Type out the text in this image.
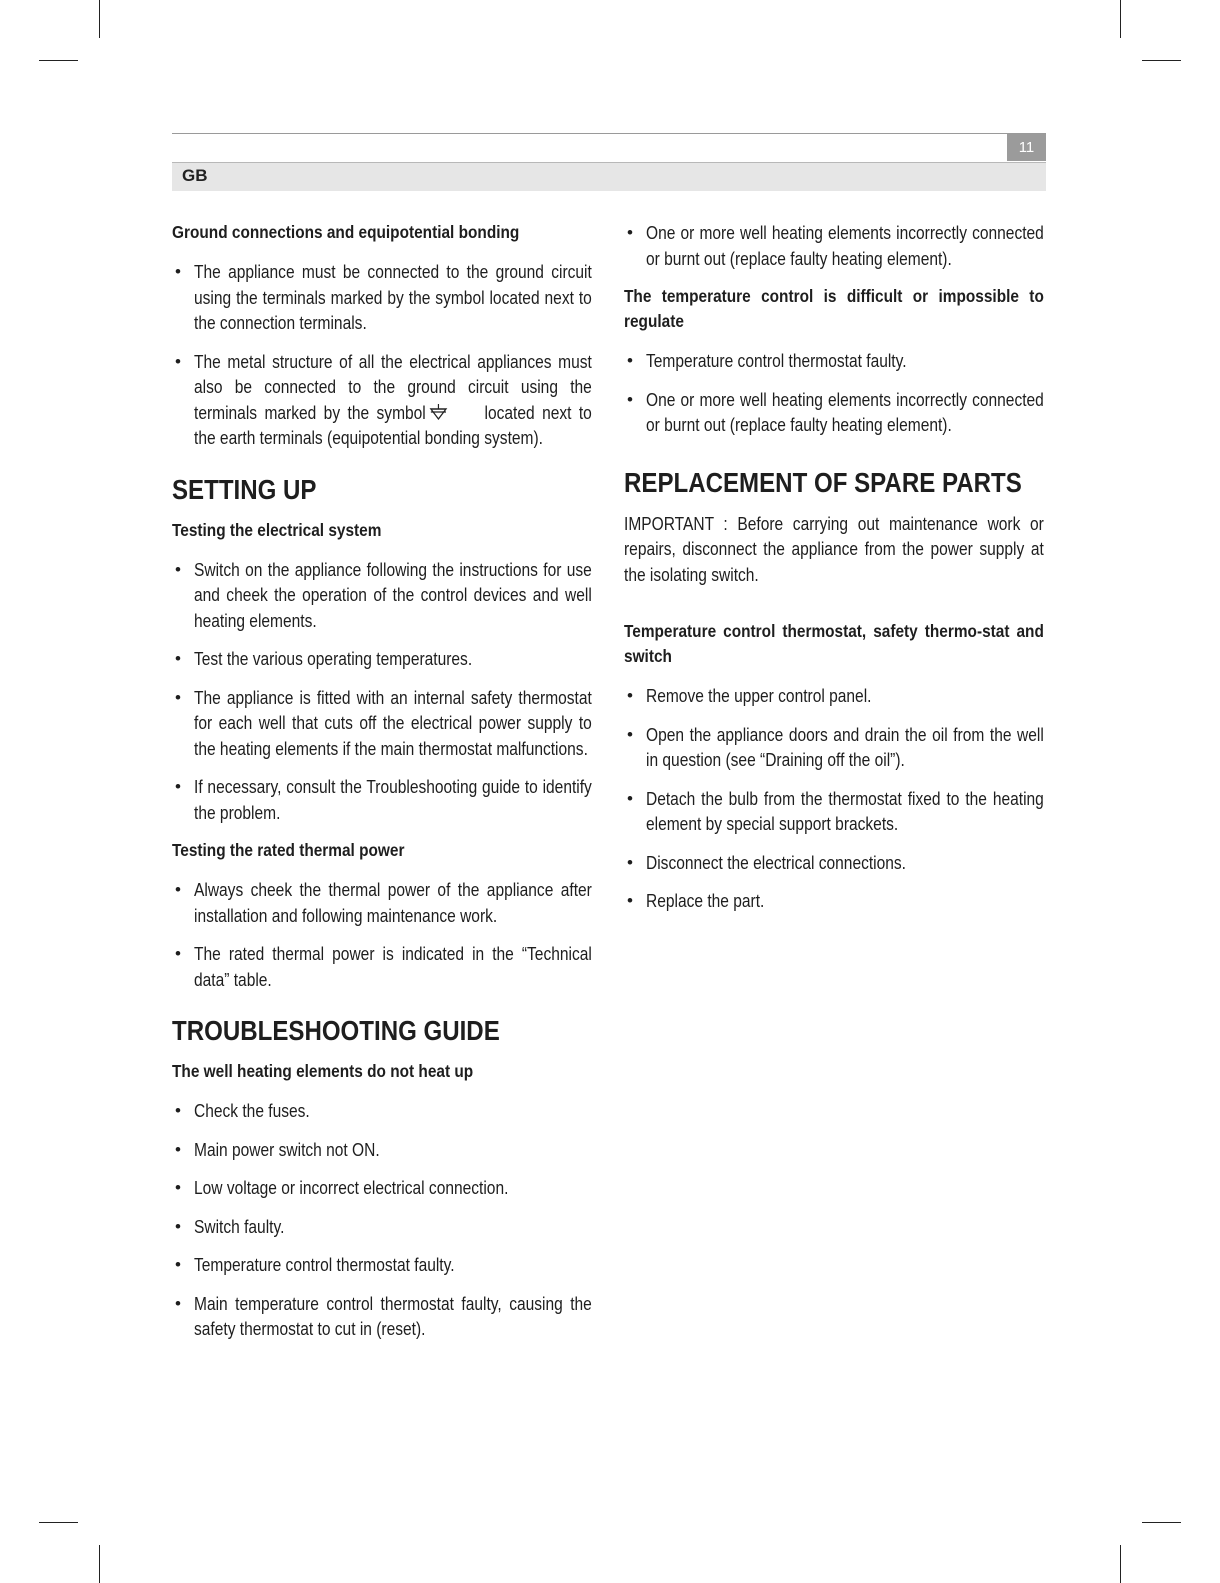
11
GB
Ground connections and equipotential bonding
• The appliance must be connected to the ground circuit using the terminals marked by the symbol located next to the connection terminals.
• The metal structure of all the electrical appliances must also be connected to the ground circuit using the terminals marked by the symbol	located next to the earth terminals (equipotential bonding system).
SETTING UP
Testing the electrical system
• Switch on the appliance following the instructions for use and cheek the operation of the control devices and well heating elements.
• Test the various operating temperatures.
• The appliance is fitted with an internal safety thermostat for each well that cuts off the electrical power supply to the heating elements if the main thermostat malfunctions.
• If necessary, consult the Troubleshooting guide to identify the problem.
Testing the rated thermal power
• Always cheek the thermal power of the appliance after installation and following maintenance work.
• The rated thermal power is indicated in the “Technical data” table.
TROUBLESHOOTING GUIDE
The well heating elements do not heat up
• Check the fuses.
• Main power switch not ON.
• Low voltage or incorrect electrical connection.
• Switch faulty.
• Temperature control thermostat faulty.
• Main temperature control thermostat faulty, causing the safety thermostat to cut in (reset).
• One or more well heating elements incorrectly connected or burnt out (replace faulty heating element).
The temperature control is difficult or impossible to regulate
• Temperature control thermostat faulty.
• One or more well heating elements incorrectly connected or burnt out (replace faulty heating element).
REPLACEMENT OF SPARE PARTS
IMPORTANT : Before carrying out maintenance work or repairs, disconnect the appliance from the power supply at the isolating switch.
Temperature control thermostat, safety thermo-stat and switch
• Remove the upper control panel.
• Open the appliance doors and drain the oil from the well in question (see “Draining off the oil”).
• Detach the bulb from the thermostat fixed to the heating element by special support brackets.
• Disconnect the electrical connections.
• Replace the part.
